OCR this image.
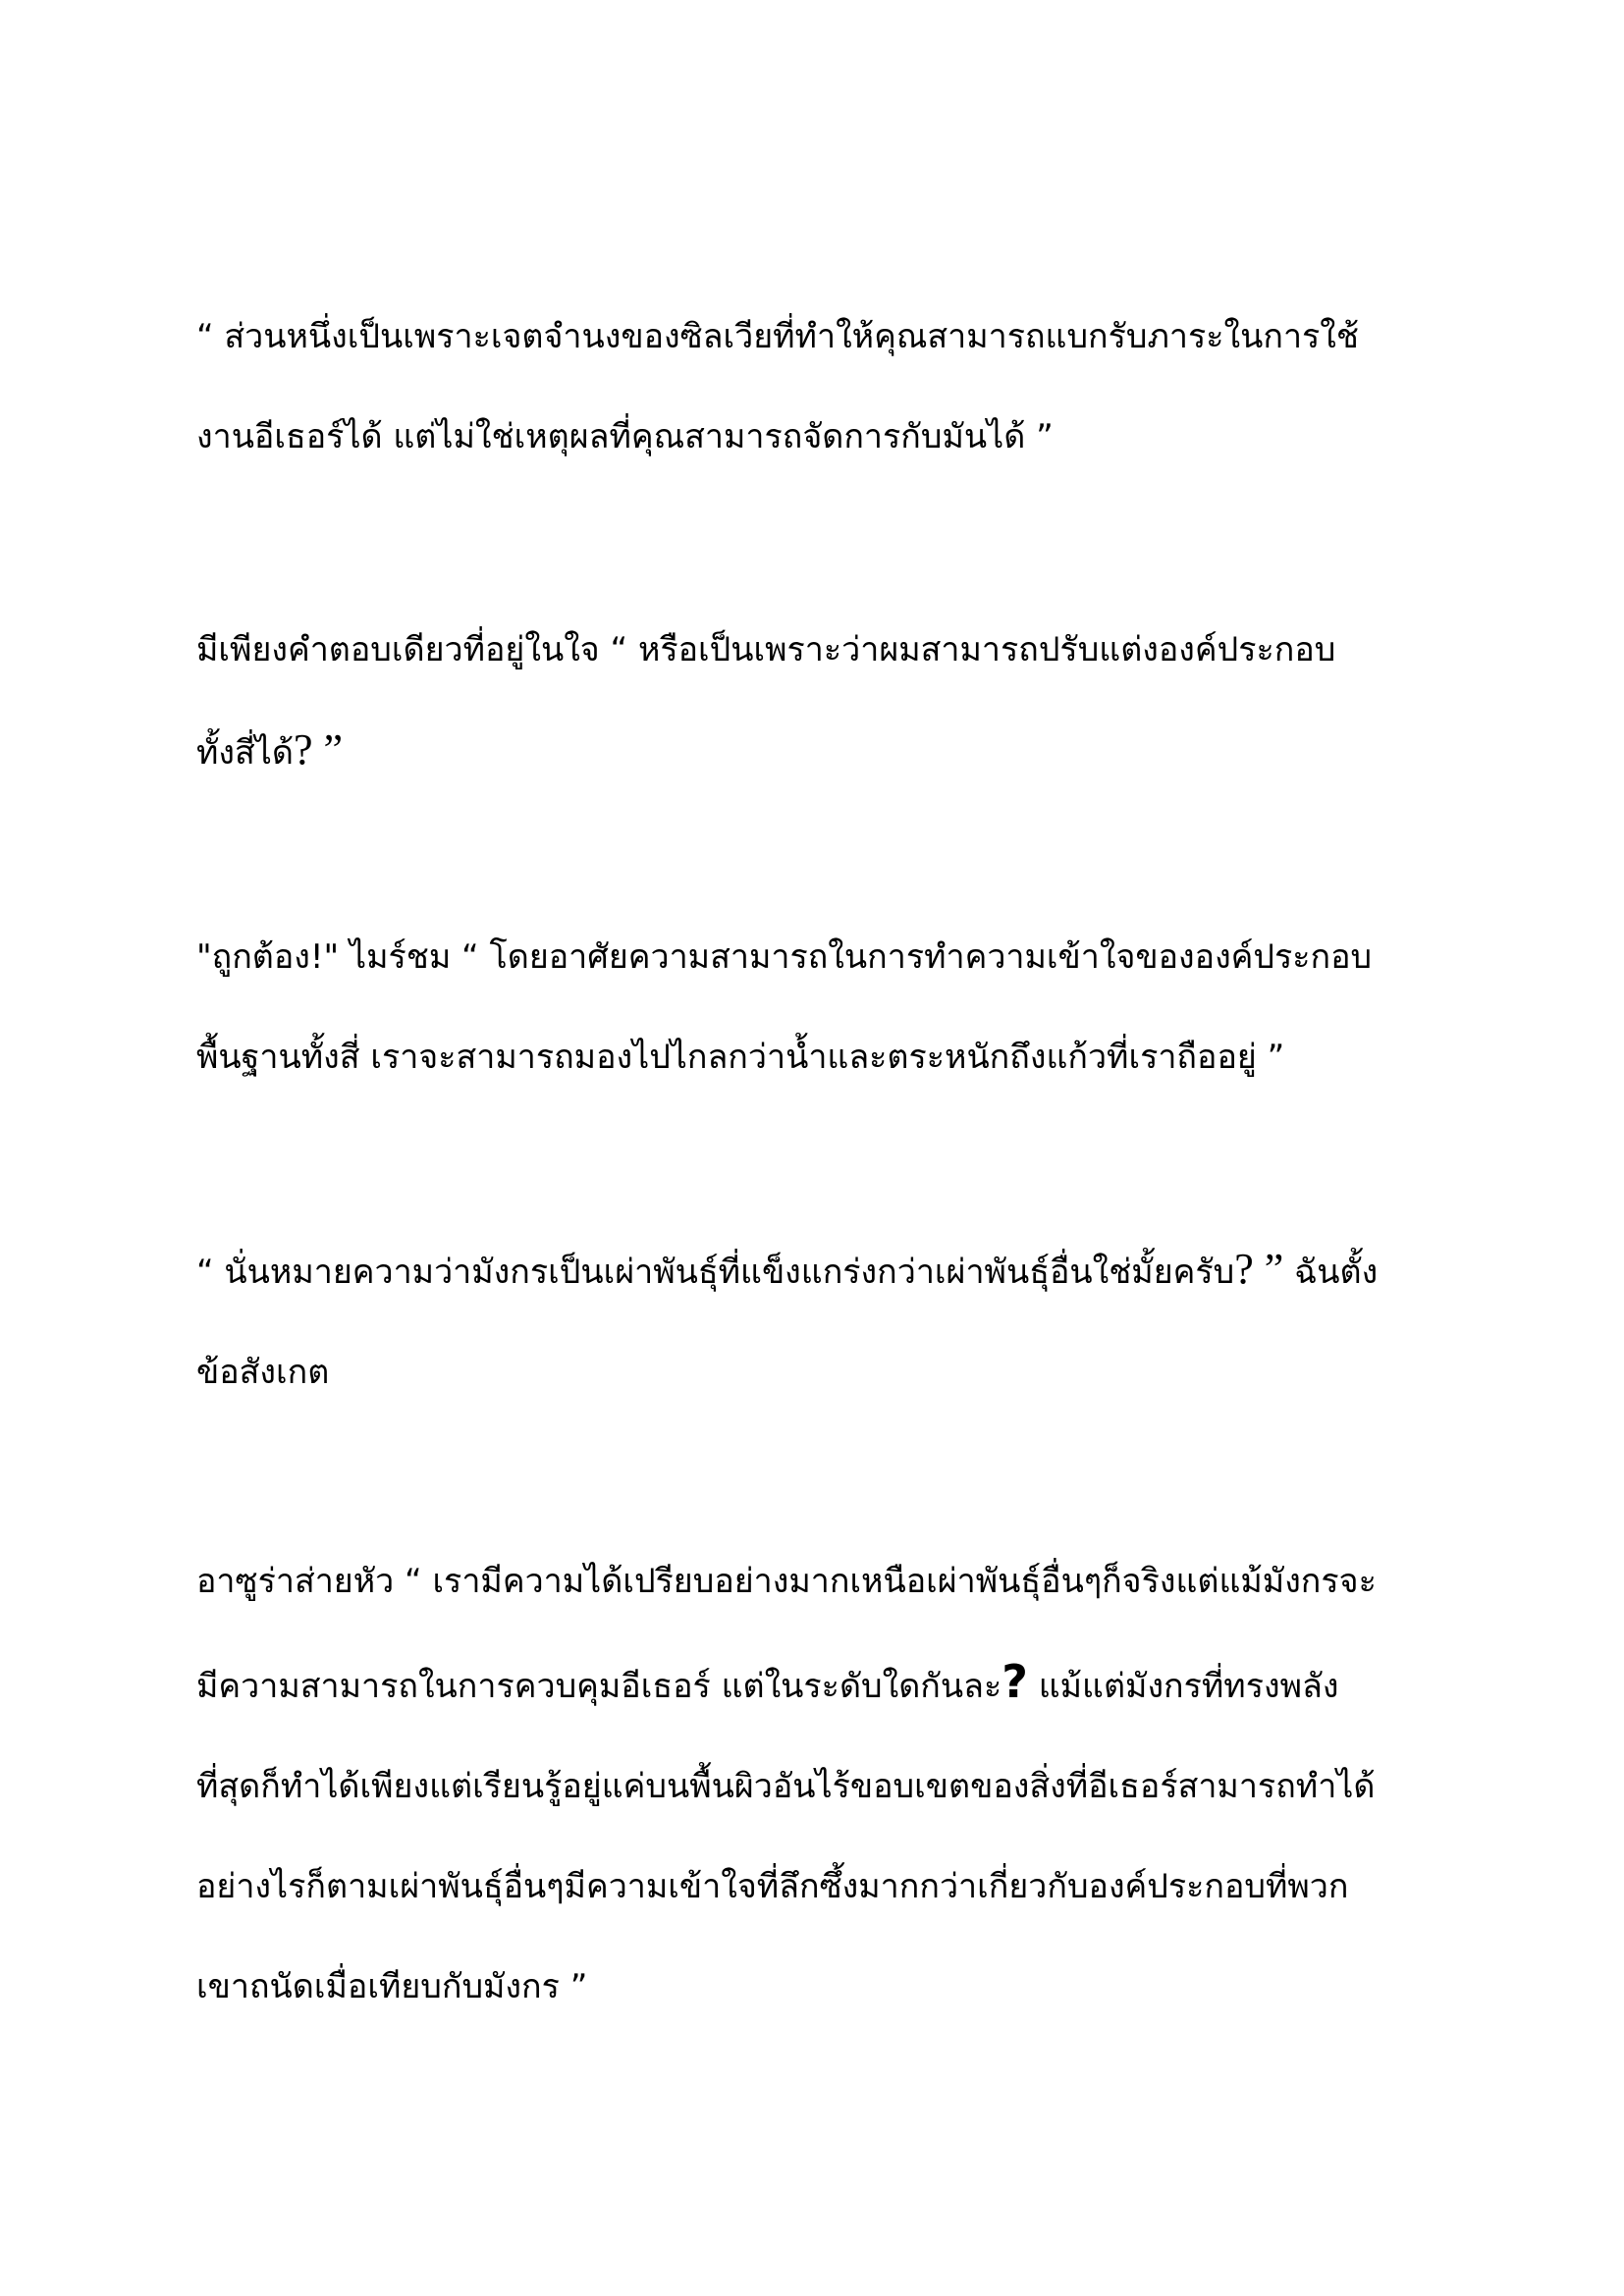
“ ส่วนหนึ่งเป็นเพราะเจตจำนงของซิลเวียที่ทำให้คุณสามารถแบกรับภาระในการใช้
งานอีเธอร์ได้ แต่ไม่ใช่เหตุผลที่คุณสามารถจัดการกับมันได้ ”

มีเพียงคำตอบเดียวที่อยู่ในใจ “ หรือเป็นเพราะว่าผมสามารถปรับแต่งองค์ประกอบ
ทั้งสี่ได้? ”

"ถูกต้อง!" ไมร์ชม “ โดยอาศัยความสามารถในการทำความเข้าใจขององค์ประกอบ
พื้นฐานทั้งสี่ เราจะสามารถมองไปไกลกว่าน้ำและตระหนักถึงแก้วที่เราถืออยู่ ”

“ นั่นหมายความว่ามังกรเป็นเผ่าพันธุ์ที่แข็งแกร่งกว่าเผ่าพันธุ์อื่นใช่มั้ยครับ? ” ฉันตั้ง
ข้อสังเกต

อาซูร่าส่ายหัว “ เรามีความได้เปรียบอย่างมากเหนือเผ่าพันธุ์อื่นๆก็จริงแต่แม้มังกรจะ
มีความสามารถในการควบคุมอีเธอร์ แต่ในระดับใดกันละ? แม้แต่มังกรที่ทรงพลัง
ที่สุดก็ทำได้เพียงแต่เรียนรู้อยู่แค่บนพื้นผิวอันไร้ขอบเขตของสิ่งที่อีเธอร์สามารถทำได้
อย่างไรก็ตามเผ่าพันธุ์อื่นๆมีความเข้าใจที่ลึกซึ้งมากกว่าเกี่ยวกับองค์ประกอบที่พวก
เขาถนัดเมื่อเทียบกับมังกร ”
